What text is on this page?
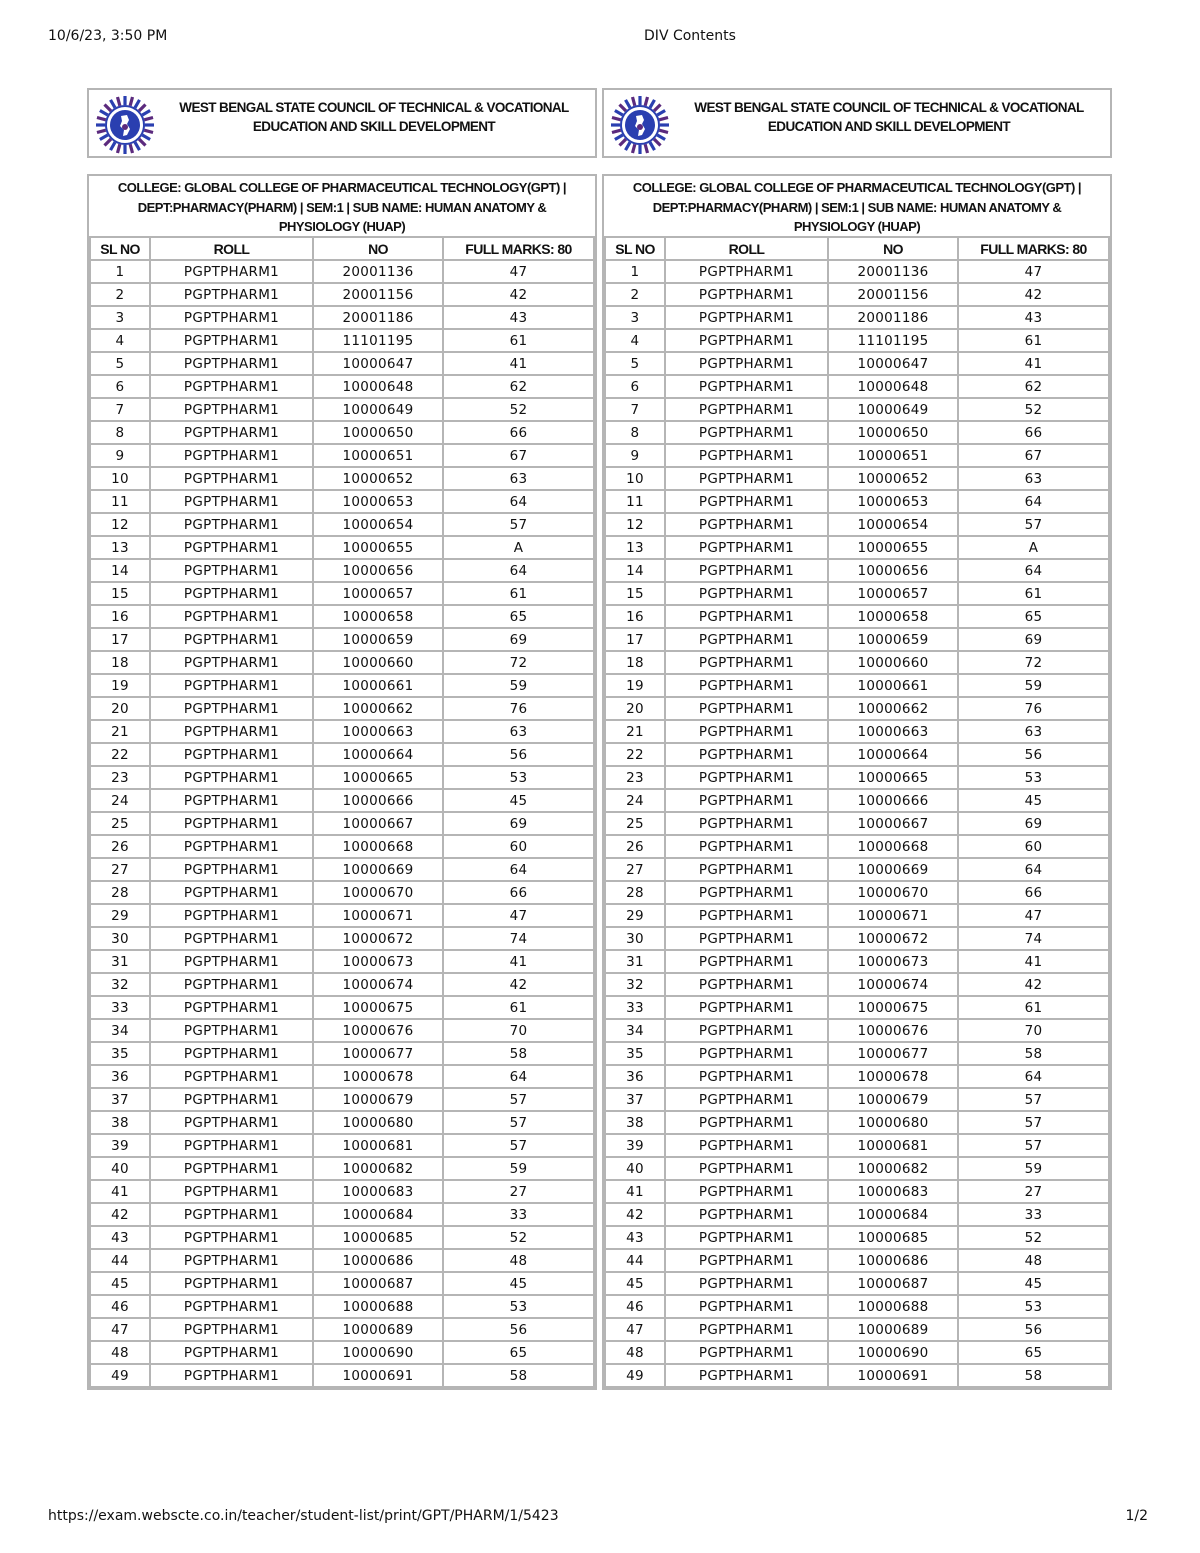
10/6/23, 3:50 PM	DIV Contents
WEST BENGAL STATE COUNCIL OF TECHNICAL & VOCATIONAL
EDUCATION AND SKILL DEVELOPMENT
COLLEGE: GLOBAL COLLEGE OF PHARMACEUTICAL TECHNOLOGY(GPT) |
DEPT:PHARMACY(PHARM) | SEM:1 | SUB NAME: HUMAN ANATOMY &
PHYSIOLOGY (HUAP)
SL NO	ROLL	NO	FULL MARKS: 80
1	PGPTPHARM1	20001136	47
2	PGPTPHARM1	20001156	42
3	PGPTPHARM1	20001186	43
4	PGPTPHARM1	11101195	61
5	PGPTPHARM1	10000647	41
6	PGPTPHARM1	10000648	62
7	PGPTPHARM1	10000649	52
8	PGPTPHARM1	10000650	66
9	PGPTPHARM1	10000651	67
10	PGPTPHARM1	10000652	63
11	PGPTPHARM1	10000653	64
12	PGPTPHARM1	10000654	57
13	PGPTPHARM1	10000655	A
14	PGPTPHARM1	10000656	64
15	PGPTPHARM1	10000657	61
16	PGPTPHARM1	10000658	65
17	PGPTPHARM1	10000659	69
18	PGPTPHARM1	10000660	72
19	PGPTPHARM1	10000661	59
20	PGPTPHARM1	10000662	76
21	PGPTPHARM1	10000663	63
22	PGPTPHARM1	10000664	56
23	PGPTPHARM1	10000665	53
24	PGPTPHARM1	10000666	45
25	PGPTPHARM1	10000667	69
26	PGPTPHARM1	10000668	60
27	PGPTPHARM1	10000669	64
28	PGPTPHARM1	10000670	66
29	PGPTPHARM1	10000671	47
30	PGPTPHARM1	10000672	74
31	PGPTPHARM1	10000673	41
32	PGPTPHARM1	10000674	42
33	PGPTPHARM1	10000675	61
34	PGPTPHARM1	10000676	70
35	PGPTPHARM1	10000677	58
36	PGPTPHARM1	10000678	64
37	PGPTPHARM1	10000679	57
38	PGPTPHARM1	10000680	57
39	PGPTPHARM1	10000681	57
40	PGPTPHARM1	10000682	59
41	PGPTPHARM1	10000683	27
42	PGPTPHARM1	10000684	33
43	PGPTPHARM1	10000685	52
44	PGPTPHARM1	10000686	48
45	PGPTPHARM1	10000687	45
46	PGPTPHARM1	10000688	53
47	PGPTPHARM1	10000689	56
48	PGPTPHARM1	10000690	65
49	PGPTPHARM1	10000691	58
WEST BENGAL STATE COUNCIL OF TECHNICAL & VOCATIONAL
EDUCATION AND SKILL DEVELOPMENT
COLLEGE: GLOBAL COLLEGE OF PHARMACEUTICAL TECHNOLOGY(GPT) |
DEPT:PHARMACY(PHARM) | SEM:1 | SUB NAME: HUMAN ANATOMY &
PHYSIOLOGY (HUAP)
SL NO	ROLL	NO	FULL MARKS: 80
1	PGPTPHARM1	20001136	47
2	PGPTPHARM1	20001156	42
3	PGPTPHARM1	20001186	43
4	PGPTPHARM1	11101195	61
5	PGPTPHARM1	10000647	41
6	PGPTPHARM1	10000648	62
7	PGPTPHARM1	10000649	52
8	PGPTPHARM1	10000650	66
9	PGPTPHARM1	10000651	67
10	PGPTPHARM1	10000652	63
11	PGPTPHARM1	10000653	64
12	PGPTPHARM1	10000654	57
13	PGPTPHARM1	10000655	A
14	PGPTPHARM1	10000656	64
15	PGPTPHARM1	10000657	61
16	PGPTPHARM1	10000658	65
17	PGPTPHARM1	10000659	69
18	PGPTPHARM1	10000660	72
19	PGPTPHARM1	10000661	59
20	PGPTPHARM1	10000662	76
21	PGPTPHARM1	10000663	63
22	PGPTPHARM1	10000664	56
23	PGPTPHARM1	10000665	53
24	PGPTPHARM1	10000666	45
25	PGPTPHARM1	10000667	69
26	PGPTPHARM1	10000668	60
27	PGPTPHARM1	10000669	64
28	PGPTPHARM1	10000670	66
29	PGPTPHARM1	10000671	47
30	PGPTPHARM1	10000672	74
31	PGPTPHARM1	10000673	41
32	PGPTPHARM1	10000674	42
33	PGPTPHARM1	10000675	61
34	PGPTPHARM1	10000676	70
35	PGPTPHARM1	10000677	58
36	PGPTPHARM1	10000678	64
37	PGPTPHARM1	10000679	57
38	PGPTPHARM1	10000680	57
39	PGPTPHARM1	10000681	57
40	PGPTPHARM1	10000682	59
41	PGPTPHARM1	10000683	27
42	PGPTPHARM1	10000684	33
43	PGPTPHARM1	10000685	52
44	PGPTPHARM1	10000686	48
45	PGPTPHARM1	10000687	45
46	PGPTPHARM1	10000688	53
47	PGPTPHARM1	10000689	56
48	PGPTPHARM1	10000690	65
49	PGPTPHARM1	10000691	58
https://exam.webscte.co.in/teacher/student-list/print/GPT/PHARM/1/5423	1/2
